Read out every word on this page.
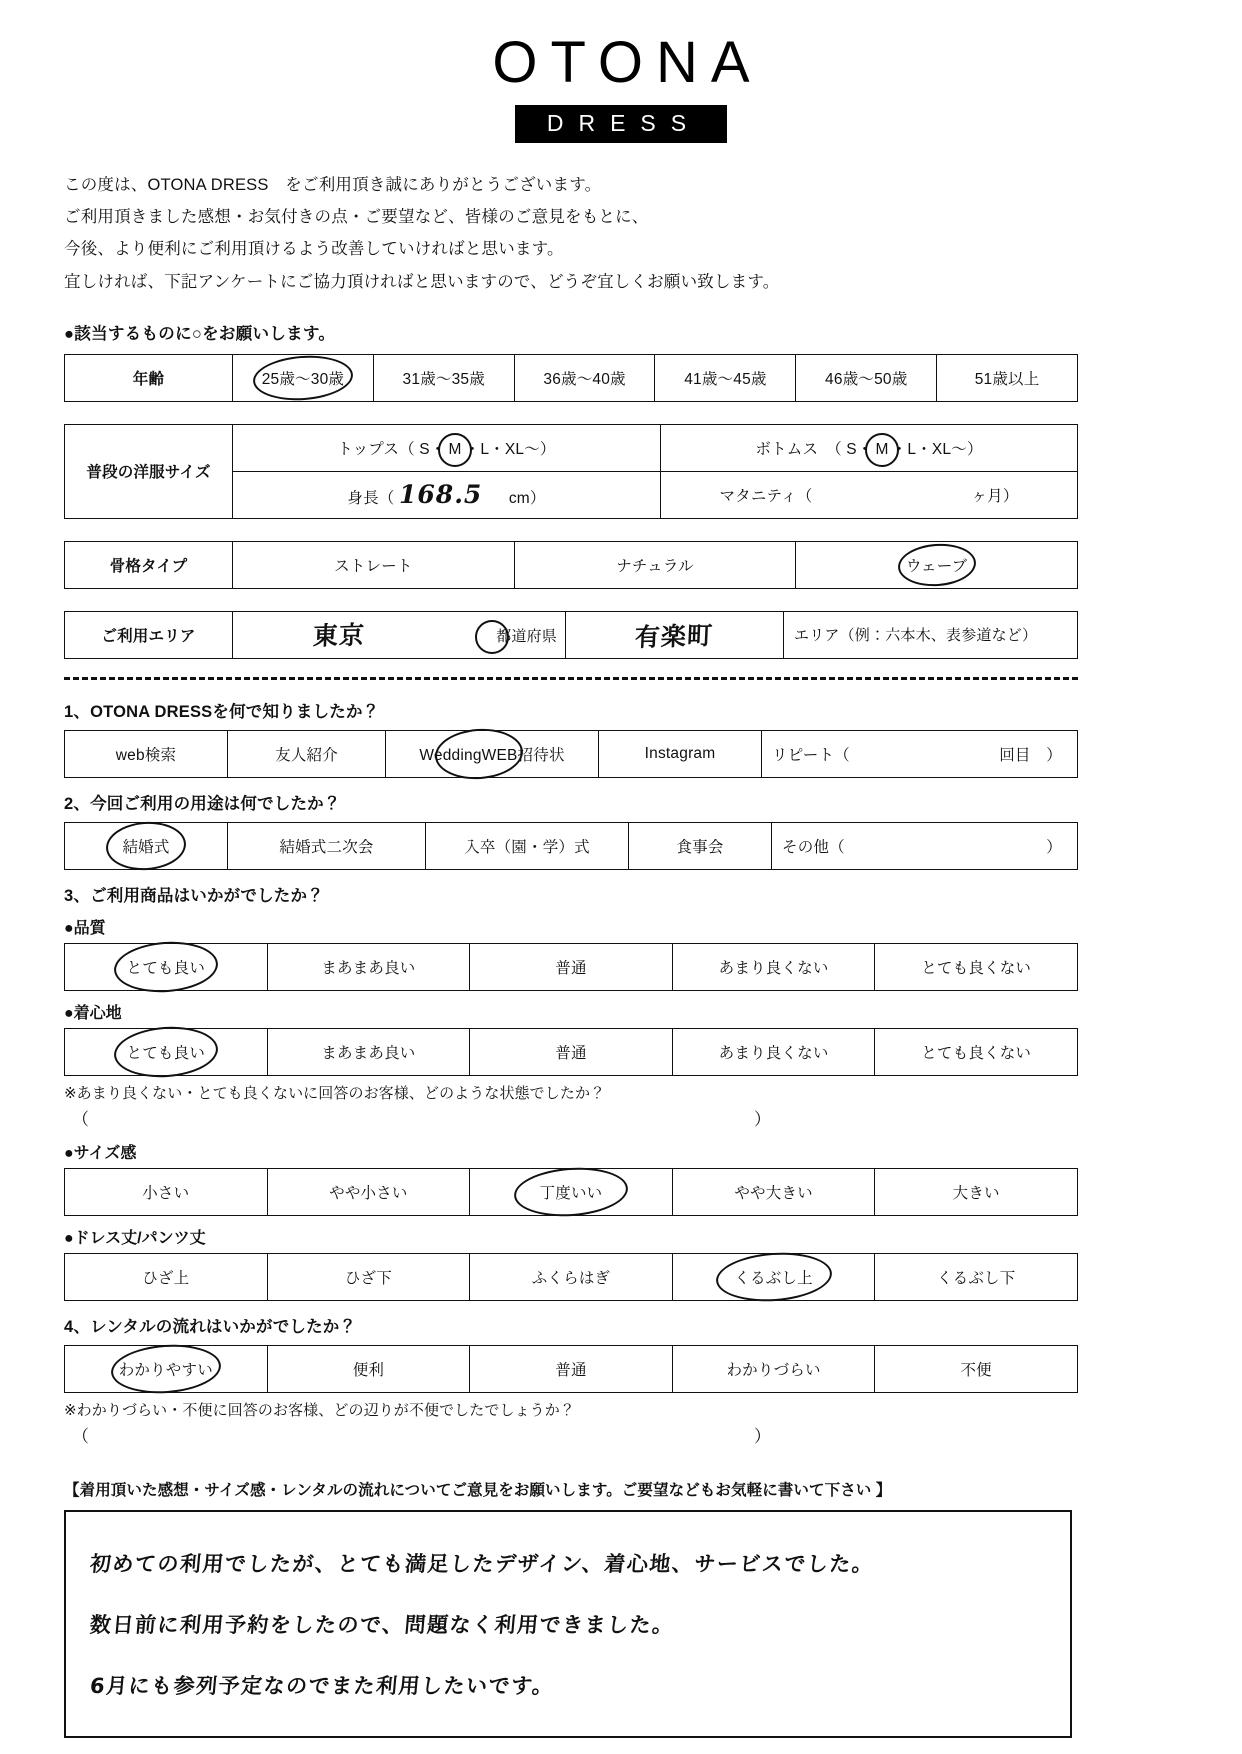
OTONA
DRESS
この度は、OTONA DRESS　をご利用頂き誠にありがとうございます。
ご利用頂きました感想・お気付きの点・ご要望など、皆様のご意見をもとに、
今後、より便利にご利用頂けるよう改善していければと思います。
宜しければ、下記アンケートにご協力頂ければと思いますので、どうぞ宜しくお願い致します。
●該当するものに○をお願いします。
年齢	25歳〜30歳	31歳〜35歳	36歳〜40歳	41歳〜45歳	46歳〜50歳	51歳以上
普段の洋服サイズ	トップス（ S・ M ・L・XL〜）	ボトムス　（ S・ M ・L・XL〜）
	身長（ 168.5 cm）	マタニティ（ ヶ月）
骨格タイプ	ストレート	ナチュラル	ウェーブ
ご利用エリア	東京	都道府県	有楽町	エリア（例：六本木、表参道など）
1、OTONA DRESSを何で知りましたか？
web検索	友人紹介	WeddingWEB招待状	Instagram	リピート（	回目　）
2、今回ご利用の用途は何でしたか？
結婚式	結婚式二次会	入卒（園・学）式	食事会	その他（	）
3、ご利用商品はいかがでしたか？
●品質
とても良い	まあまあ良い	普通	あまり良くない	とても良くない
●着心地
とても良い	まあまあ良い	普通	あまり良くない	とても良くない
※あまり良くない・とても良くないに回答のお客様、どのような状態でしたか？
（	）
●サイズ感
小さい	やや小さい	丁度いい	やや大きい	大きい
●ドレス丈/パンツ丈
ひざ上	ひざ下	ふくらはぎ	くるぶし上	くるぶし下
4、レンタルの流れはいかがでしたか？
わかりやすい	便利	普通	わかりづらい	不便
※わかりづらい・不便に回答のお客様、どの辺りが不便でしたでしょうか？
（	）
【着用頂いた感想・サイズ感・レンタルの流れについてご意見をお願いします。ご要望などもお気軽に書いて下さい 】
初めての利用でしたが、とても満足したデザイン、着心地、サービスでした。
数日前に利用予約をしたので、問題なく利用できました。
6月にも参列予定なのでまた利用したいです。
